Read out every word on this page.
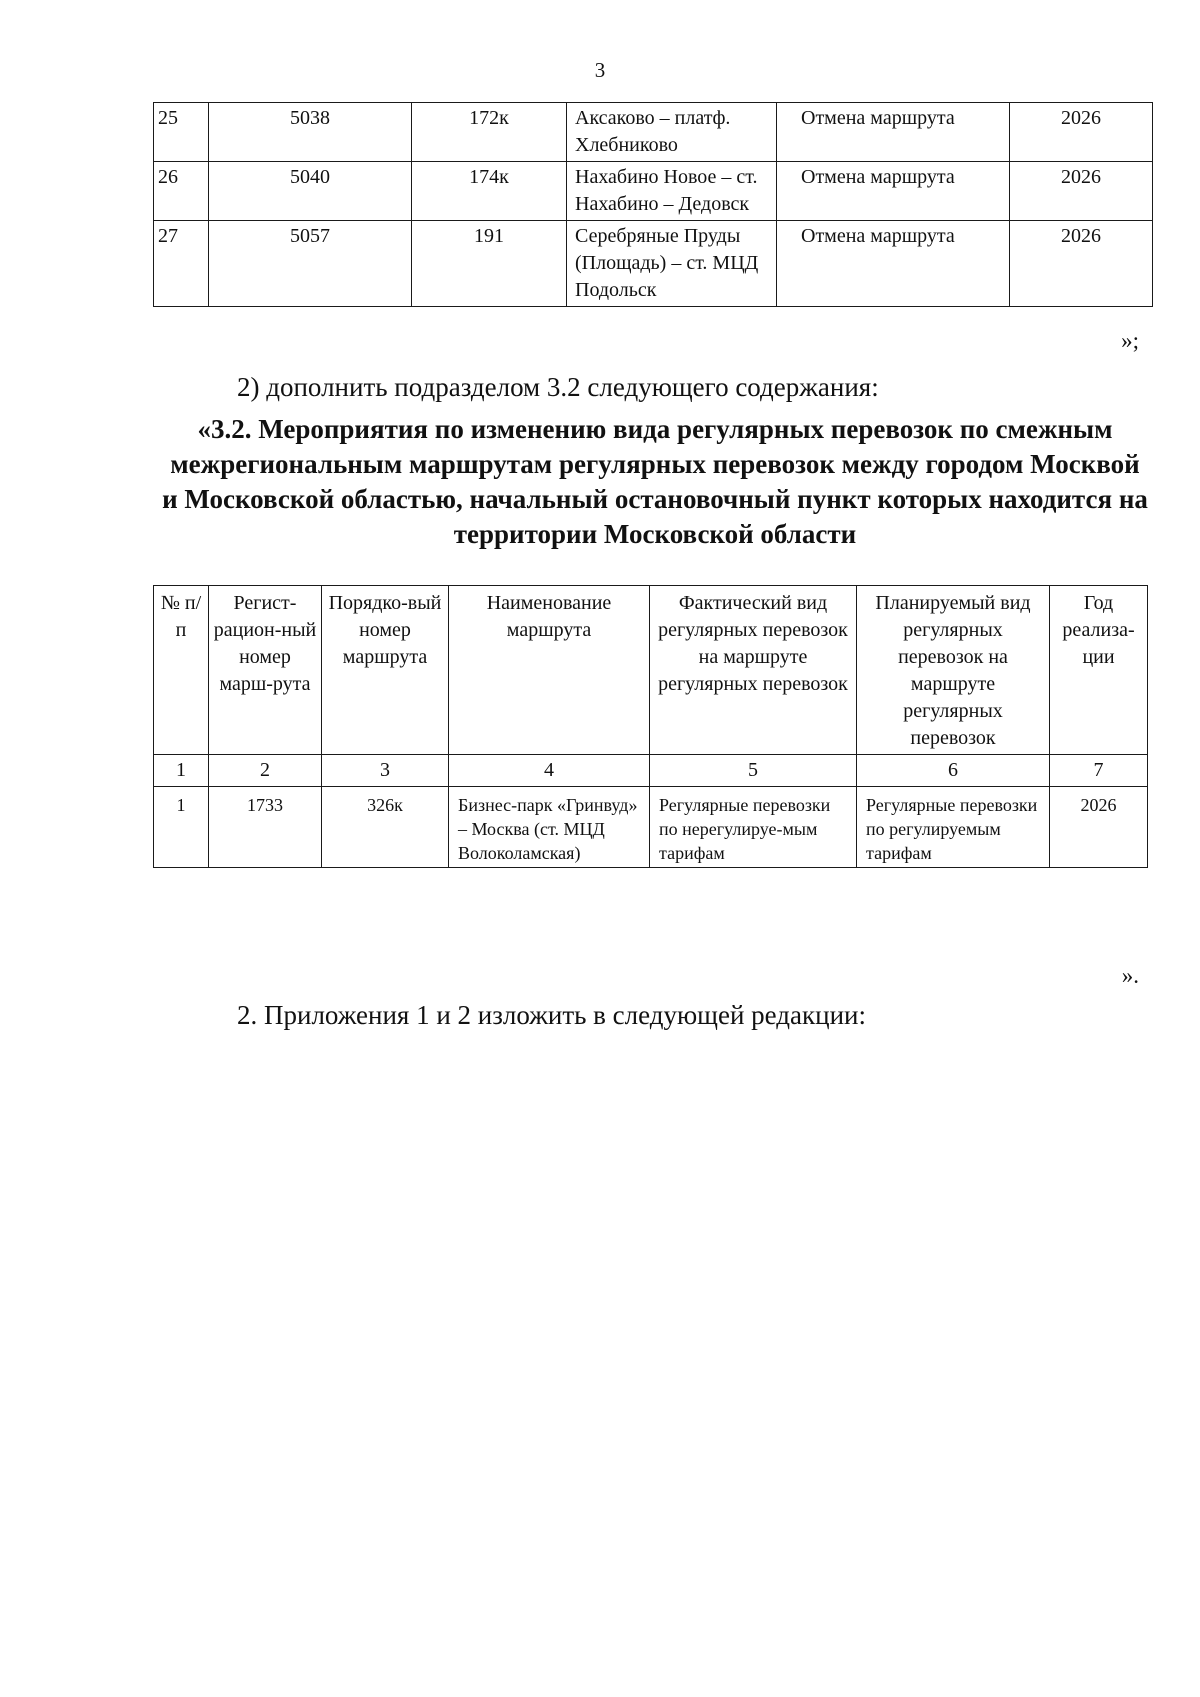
3
25	5038	172к	Аксаково – платф. Хлебниково	Отмена маршрута	2026
26	5040	174к	Нахабино Новое – ст. Нахабино – Дедовск	Отмена маршрута	2026
27	5057	191	Серебряные Пруды (Площадь) – ст. МЦД Подольск	Отмена маршрута	2026
»;
2) дополнить подразделом 3.2 следующего содержания:
«3.2. Мероприятия по изменению вида регулярных перевозок по смежным межрегиональным маршрутам регулярных перевозок между городом Москвой и Московской областью, начальный остановочный пункт которых находится на территории Московской области
№ п/п	Регист-рацион-ный номер марш-рута	Порядко-вый номер маршрута	Наименование маршрута	Фактический вид регулярных перевозок на маршруте регулярных перевозок	Планируемый вид регулярных перевозок на маршруте регулярных перевозок	Год реализа-ции
1	2	3	4	5	6	7
1	1733	326к	Бизнес-парк «Гринвуд» – Москва (ст. МЦД Волоколамская)	Регулярные перевозки по нерегулируе-мым тарифам	Регулярные перевозки по регулируемым тарифам	2026
».
2. Приложения 1 и 2 изложить в следующей редакции:
